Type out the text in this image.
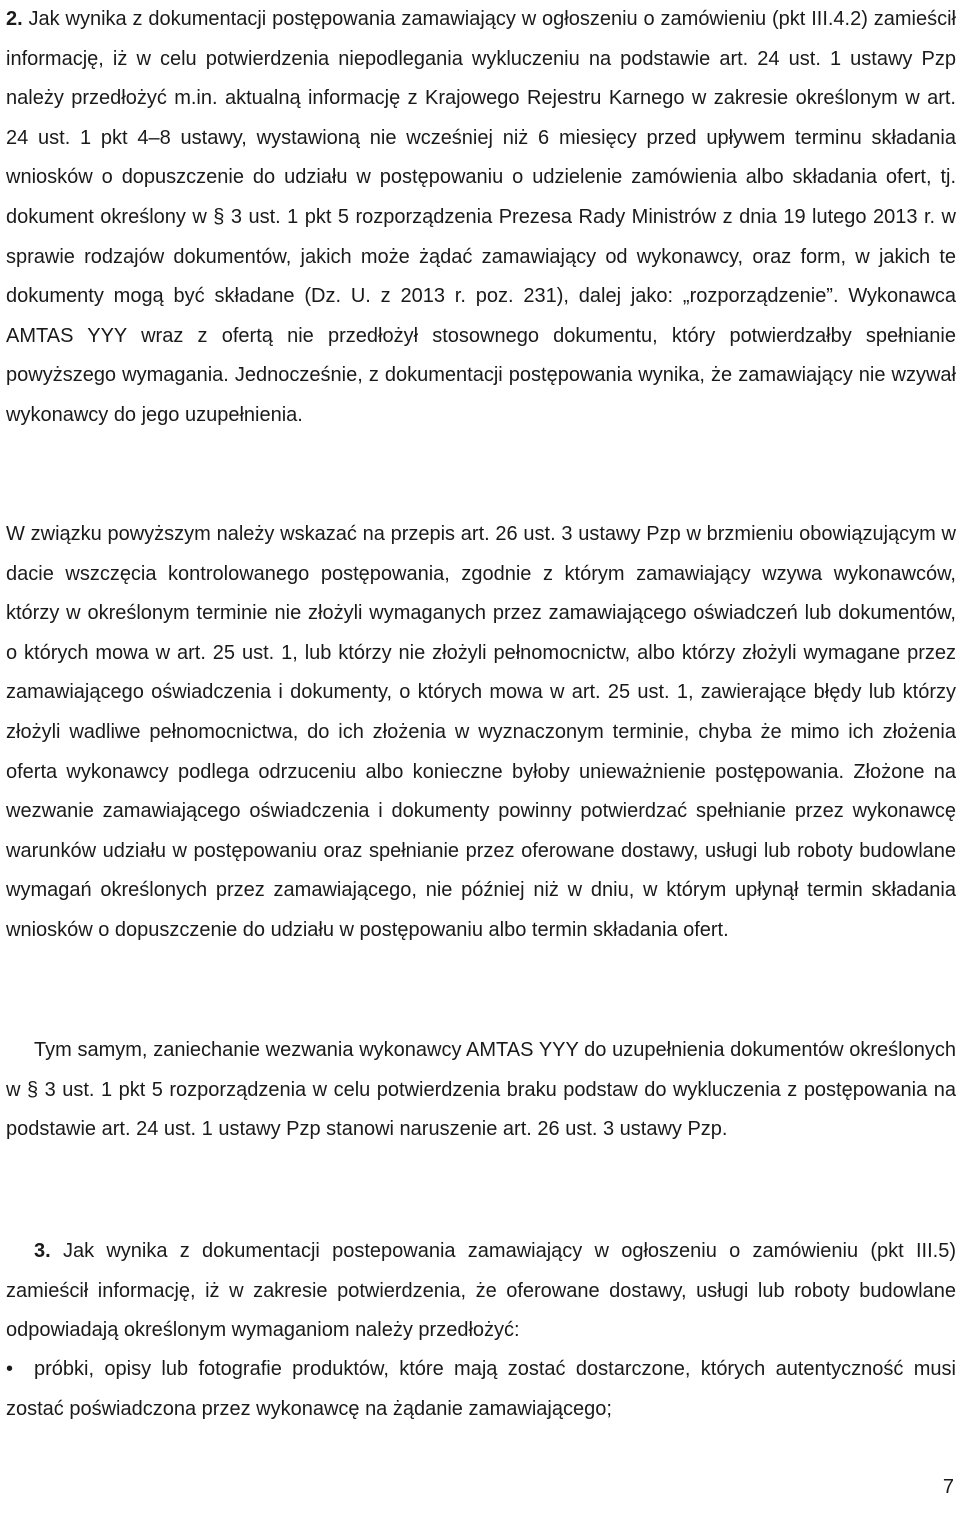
2. Jak wynika z dokumentacji postępowania zamawiający w ogłoszeniu o zamówieniu (pkt III.4.2) zamieścił informację, iż w celu potwierdzenia niepodlegania wykluczeniu na podstawie art. 24 ust. 1 ustawy Pzp należy przedłożyć m.in. aktualną informację z Krajowego Rejestru Karnego w zakresie określonym w art. 24 ust. 1 pkt 4–8 ustawy, wystawioną nie wcześniej niż 6 miesięcy przed upływem terminu składania wniosków o dopuszczenie do udziału w postępowaniu o udzielenie zamówienia albo składania ofert, tj. dokument określony w § 3 ust. 1 pkt 5 rozporządzenia Prezesa Rady Ministrów z dnia 19 lutego 2013 r. w sprawie rodzajów dokumentów, jakich może żądać zamawiający od wykonawcy, oraz form, w jakich te dokumenty mogą być składane (Dz. U. z 2013 r. poz. 231), dalej jako: „rozporządzenie”. Wykonawca AMTAS YYY wraz z ofertą nie przedłożył stosownego dokumentu, który potwierdzałby spełnianie powyższego wymagania. Jednocześnie, z dokumentacji postępowania wynika, że zamawiający nie wzywał wykonawcy do jego uzupełnienia.

W związku powyższym należy wskazać na przepis art. 26 ust. 3 ustawy Pzp w brzmieniu obowiązującym w dacie wszczęcia kontrolowanego postępowania, zgodnie z którym zamawiający wzywa wykonawców, którzy w określonym terminie nie złożyli wymaganych przez zamawiającego oświadczeń lub dokumentów, o których mowa w art. 25 ust. 1, lub którzy nie złożyli pełnomocnictw, albo którzy złożyli wymagane przez zamawiającego oświadczenia i dokumenty, o których mowa w art. 25 ust. 1, zawierające błędy lub którzy złożyli wadliwe pełnomocnictwa, do ich złożenia w wyznaczonym terminie, chyba że mimo ich złożenia oferta wykonawcy podlega odrzuceniu albo konieczne byłoby unieważnienie postępowania. Złożone na wezwanie zamawiającego oświadczenia i dokumenty powinny potwierdzać spełnianie przez wykonawcę warunków udziału w postępowaniu oraz spełnianie przez oferowane dostawy, usługi lub roboty budowlane wymagań określonych przez zamawiającego, nie później niż w dniu, w którym upłynął termin składania wniosków o dopuszczenie do udziału w postępowaniu albo termin składania ofert.

Tym samym, zaniechanie wezwania wykonawcy AMTAS YYY do uzupełnienia dokumentów określonych w § 3 ust. 1 pkt 5 rozporządzenia w celu potwierdzenia braku podstaw do wykluczenia z postępowania na podstawie art. 24 ust. 1 ustawy Pzp stanowi naruszenie art. 26 ust. 3 ustawy Pzp.

3. Jak wynika z dokumentacji postepowania zamawiający w ogłoszeniu o zamówieniu (pkt III.5) zamieścił informację, iż w zakresie potwierdzenia, że oferowane dostawy, usługi lub roboty budowlane odpowiadają określonym wymaganiom należy przedłożyć:

• próbki, opisy lub fotografie produktów, które mają zostać dostarczone, których autentyczność musi zostać poświadczona przez wykonawcę na żądanie zamawiającego;
7
